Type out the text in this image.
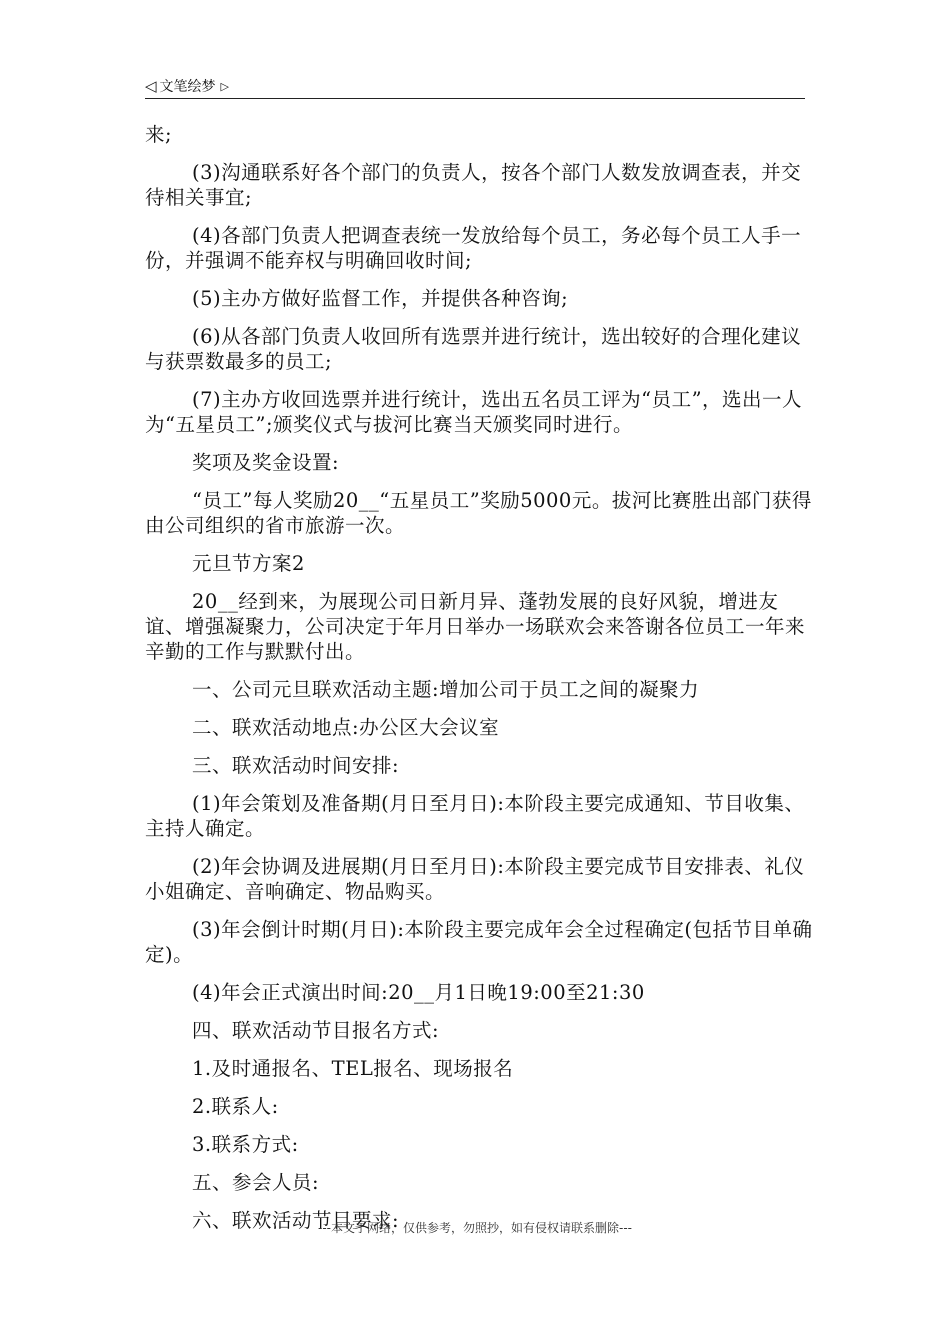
◁ 文笔绘梦 ▷

来;

(3)沟通联系好各个部门的负责人，按各个部门人数发放调查表，并交待相关事宜;

(4)各部门负责人把调查表统一发放给每个员工，务必每个员工人手一份，并强调不能弃权与明确回收时间;

(5)主办方做好监督工作，并提供各种咨询;

(6)从各部门负责人收回所有选票并进行统计，选出较好的合理化建议与获票数最多的员工;

(7)主办方收回选票并进行统计，选出五名员工评为“员工”，选出一人为“五星员工”;颁奖仪式与拔河比赛当天颁奖同时进行。

奖项及奖金设置:

“员工”每人奖励20__“五星员工”奖励5000元。拔河比赛胜出部门获得由公司组织的省市旅游一次。

元旦节方案2

20__经到来，为展现公司日新月异、蓬勃发展的良好风貌，增进友谊、增强凝聚力，公司决定于年月日举办一场联欢会来答谢各位员工一年来辛勤的工作与默默付出。

一、公司元旦联欢活动主题:增加公司于员工之间的凝聚力

二、联欢活动地点:办公区大会议室

三、联欢活动时间安排:

(1)年会策划及准备期(月日至月日):本阶段主要完成通知、节目收集、主持人确定。

(2)年会协调及进展期(月日至月日):本阶段主要完成节目安排表、礼仪小姐确定、音响确定、物品购买。

(3)年会倒计时期(月日):本阶段主要完成年会全过程确定(包括节目单确定)。

(4)年会正式演出时间:20__月1日晚19:00至21:30

四、联欢活动节目报名方式:

1.及时通报名、TEL报名、现场报名

2.联系人:

3.联系方式:

五、参会人员:

六、联欢活动节目要求:

---本文于网络，仅供参考，勿照抄，如有侵权请联系删除---
